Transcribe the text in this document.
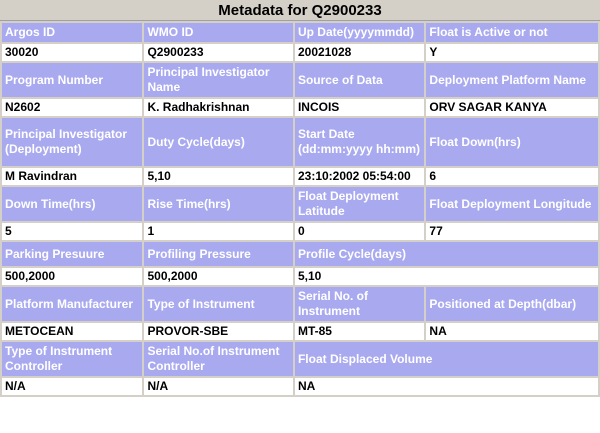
Metadata for Q2900233
Argos ID	WMO ID	Up Date(yyyymmdd)	Float is Active or not
30020	Q2900233	20021028	Y
Program Number	Principal Investigator Name	Source of Data	Deployment Platform Name
N2602	K. Radhakrishnan	INCOIS	ORV SAGAR KANYA
Principal Investigator (Deployment)	Duty Cycle(days)	Start Date (dd:mm:yyyy hh:mm)	Float Down(hrs)
M Ravindran	5,10	23:10:2002 05:54:00	6
Down Time(hrs)	Rise Time(hrs)	Float Deployment Latitude	Float Deployment Longitude
5	1	0	77
Parking Presuure	Profiling Pressure	Profile Cycle(days)	
500,2000	500,2000	5,10	
Platform Manufacturer	Type of Instrument	Serial No. of Instrument	Positioned at Depth(dbar)
METOCEAN	PROVOR-SBE	MT-85	NA
Type of Instrument Controller	Serial No.of Instrument Controller	Float Displaced Volume	
N/A	N/A	NA	
